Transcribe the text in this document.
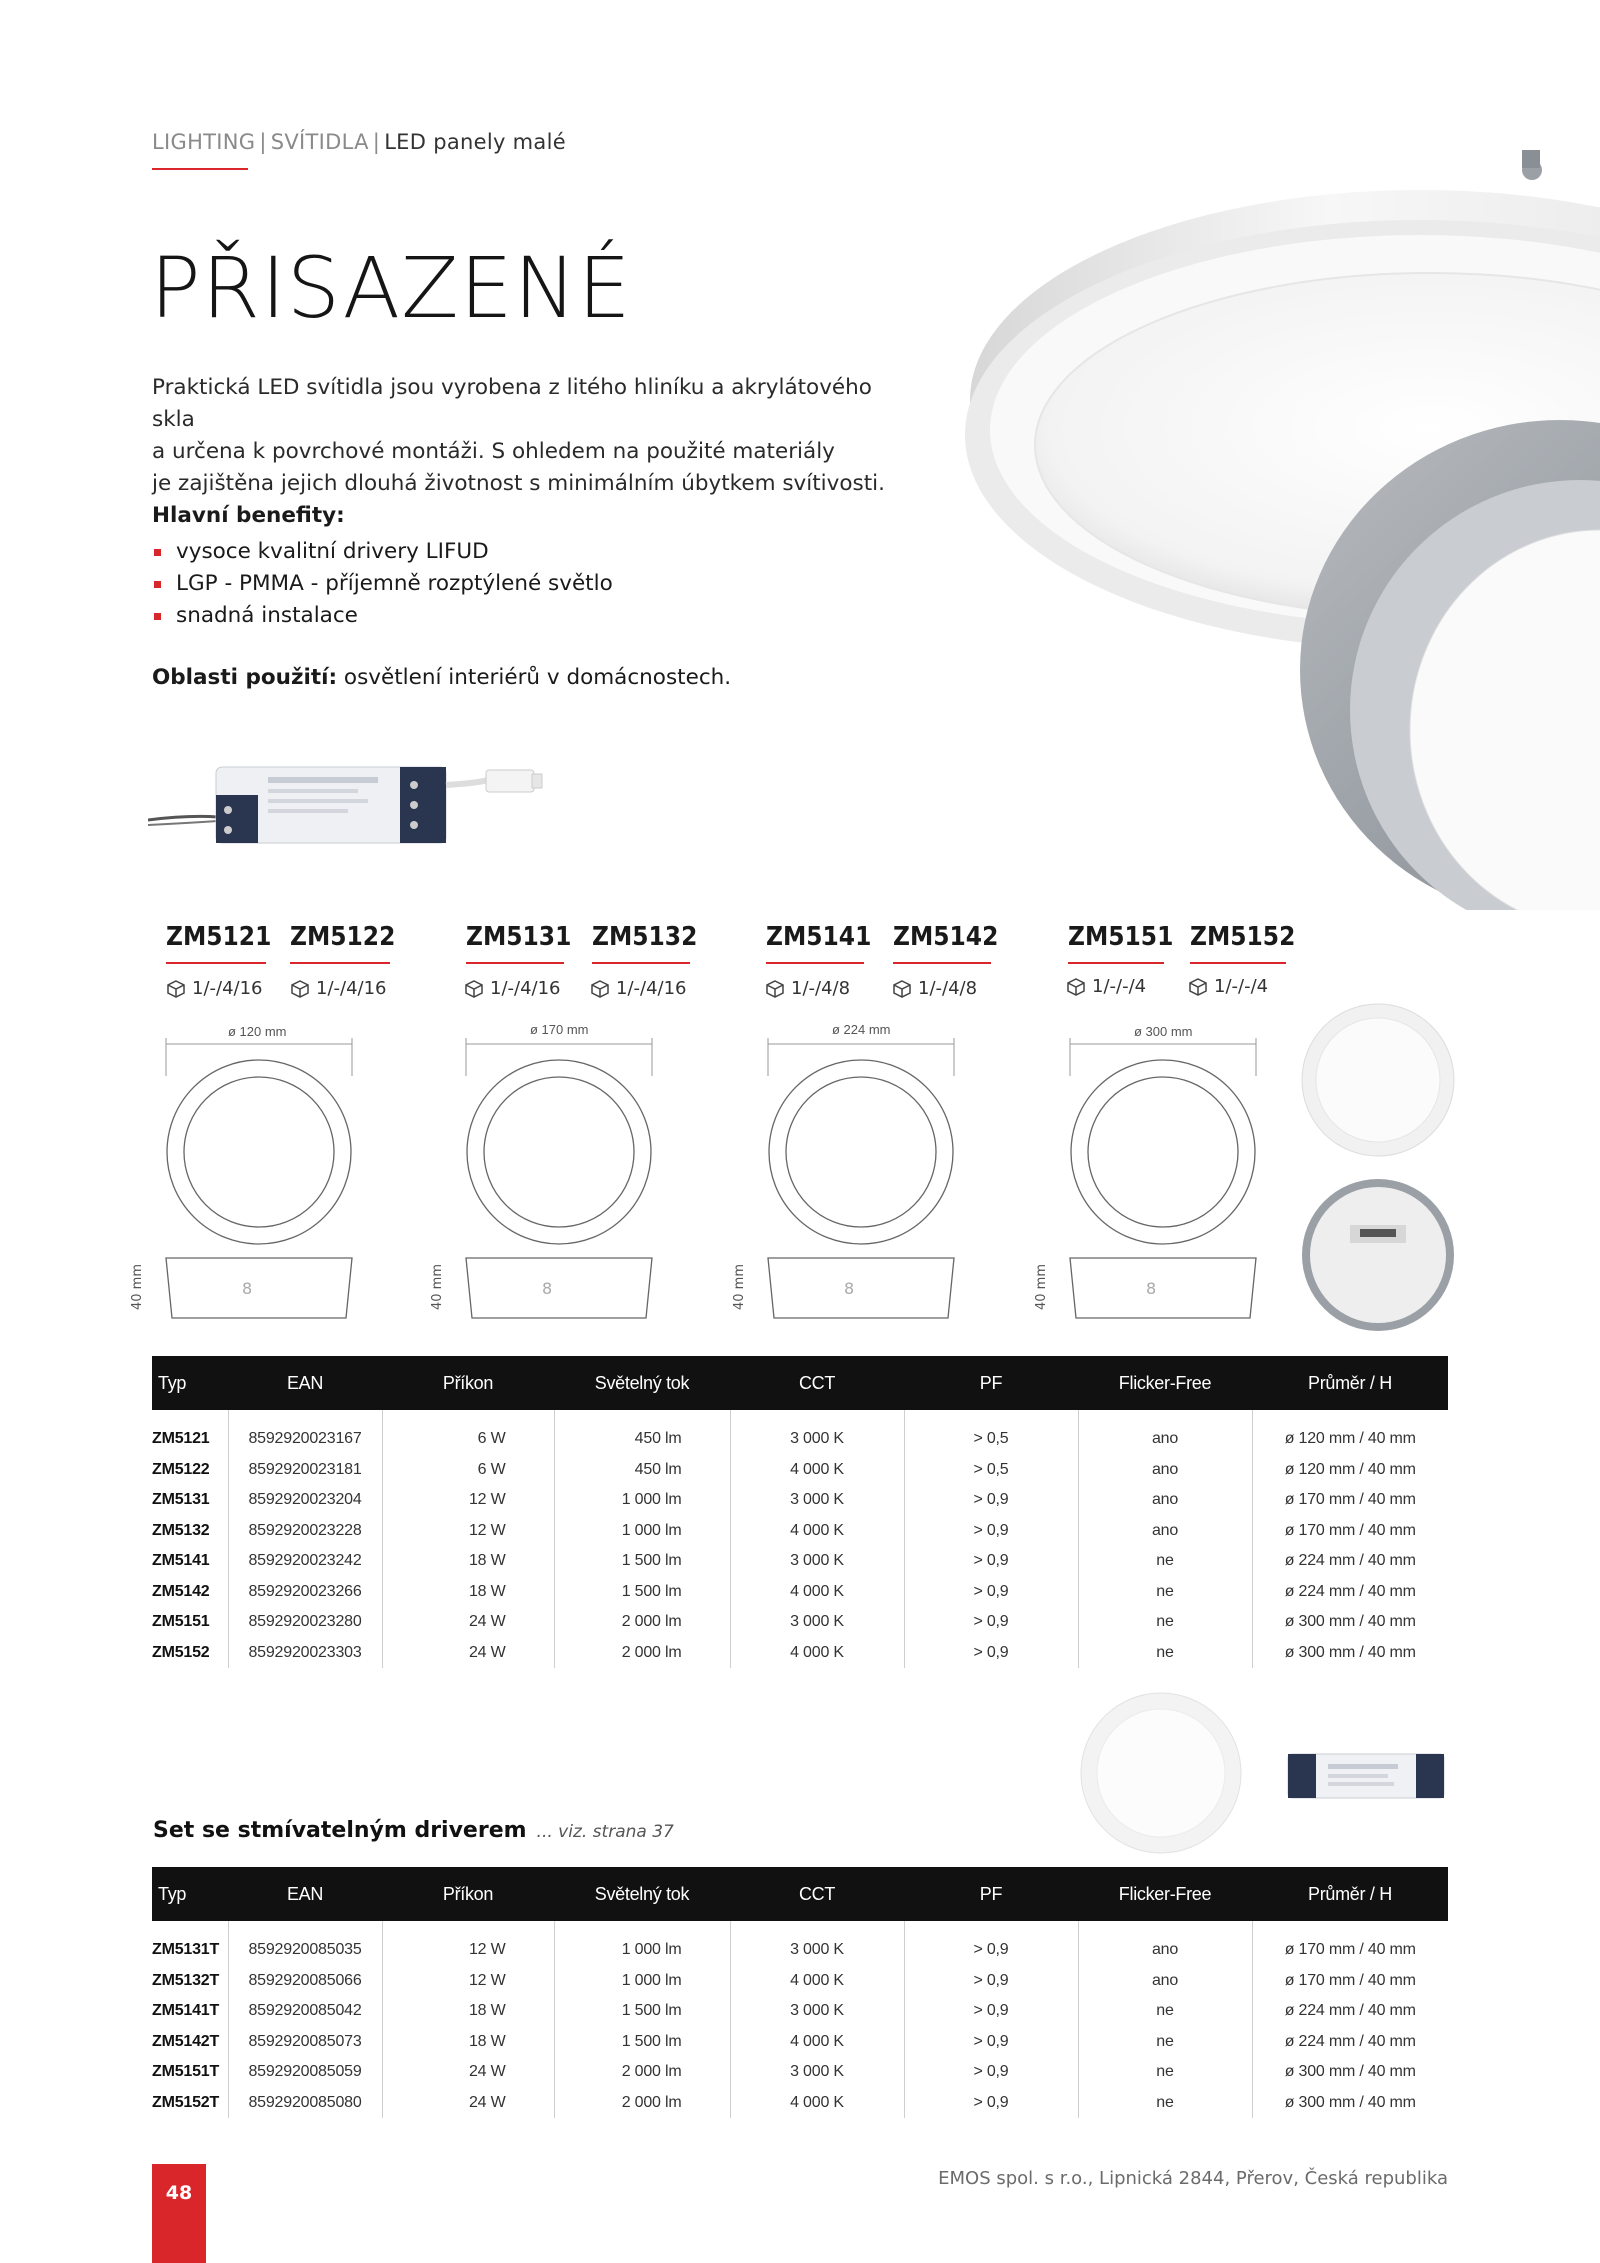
LIGHTING | SVÍTIDLA | LED panely malé
PŘISAZENÉ
Praktická LED svítidla jsou vyrobena z litého hliníku a akrylátového skla
a určena k povrchové montáži. S ohledem na použité materiály
je zajištěna jejich dlouhá životnost s minimálním úbytkem svítivosti.
Hlavní benefity:
vysoce kvalitní drivery LIFUD
LGP - PMMA - příjemně rozptýlené světlo
snadná instalace
Oblasti použití: osvětlení interiérů v domácnostech.
ZM5121 ZM5122
1/-/4/16	1/-/4/16
ZM5131 ZM5132
1/-/4/16	1/-/4/16
ZM5141 ZM5142
1/-/4/8	1/-/4/8
ZM5151 ZM5152
1/-/-/4	1/-/-/4
ø 120 mm
8
40 mm
ø 170 mm
8
40 mm
ø 224 mm
8
40 mm
ø 300 mm
8
40 mm
Typ	EAN	Příkon	Světelný tok	CCT	PF	Flicker-Free	Průměr / H
ZM5121	8592920023167	6 W	450 lm	3 000 K	> 0,5	ano	ø 120 mm / 40 mm
ZM5122	8592920023181	6 W	450 lm	4 000 K	> 0,5	ano	ø 120 mm / 40 mm
ZM5131	8592920023204	12 W	1 000 lm	3 000 K	> 0,9	ano	ø 170 mm / 40 mm
ZM5132	8592920023228	12 W	1 000 lm	4 000 K	> 0,9	ano	ø 170 mm / 40 mm
ZM5141	8592920023242	18 W	1 500 lm	3 000 K	> 0,9	ne	ø 224 mm / 40 mm
ZM5142	8592920023266	18 W	1 500 lm	4 000 K	> 0,9	ne	ø 224 mm / 40 mm
ZM5151	8592920023280	24 W	2 000 lm	3 000 K	> 0,9	ne	ø 300 mm / 40 mm
ZM5152	8592920023303	24 W	2 000 lm	4 000 K	> 0,9	ne	ø 300 mm / 40 mm
Set se stmívatelným driverem ... viz. strana 37
Typ	EAN	Příkon	Světelný tok	CCT	PF	Flicker-Free	Průměr / H
ZM5131T	8592920085035	12 W	1 000 lm	3 000 K	> 0,9	ano	ø 170 mm / 40 mm
ZM5132T	8592920085066	12 W	1 000 lm	4 000 K	> 0,9	ano	ø 170 mm / 40 mm
ZM5141T	8592920085042	18 W	1 500 lm	3 000 K	> 0,9	ne	ø 224 mm / 40 mm
ZM5142T	8592920085073	18 W	1 500 lm	4 000 K	> 0,9	ne	ø 224 mm / 40 mm
ZM5151T	8592920085059	24 W	2 000 lm	3 000 K	> 0,9	ne	ø 300 mm / 40 mm
ZM5152T	8592920085080	24 W	2 000 lm	4 000 K	> 0,9	ne	ø 300 mm / 40 mm
48
EMOS spol. s r.o., Lipnická 2844, Přerov, Česká republika
